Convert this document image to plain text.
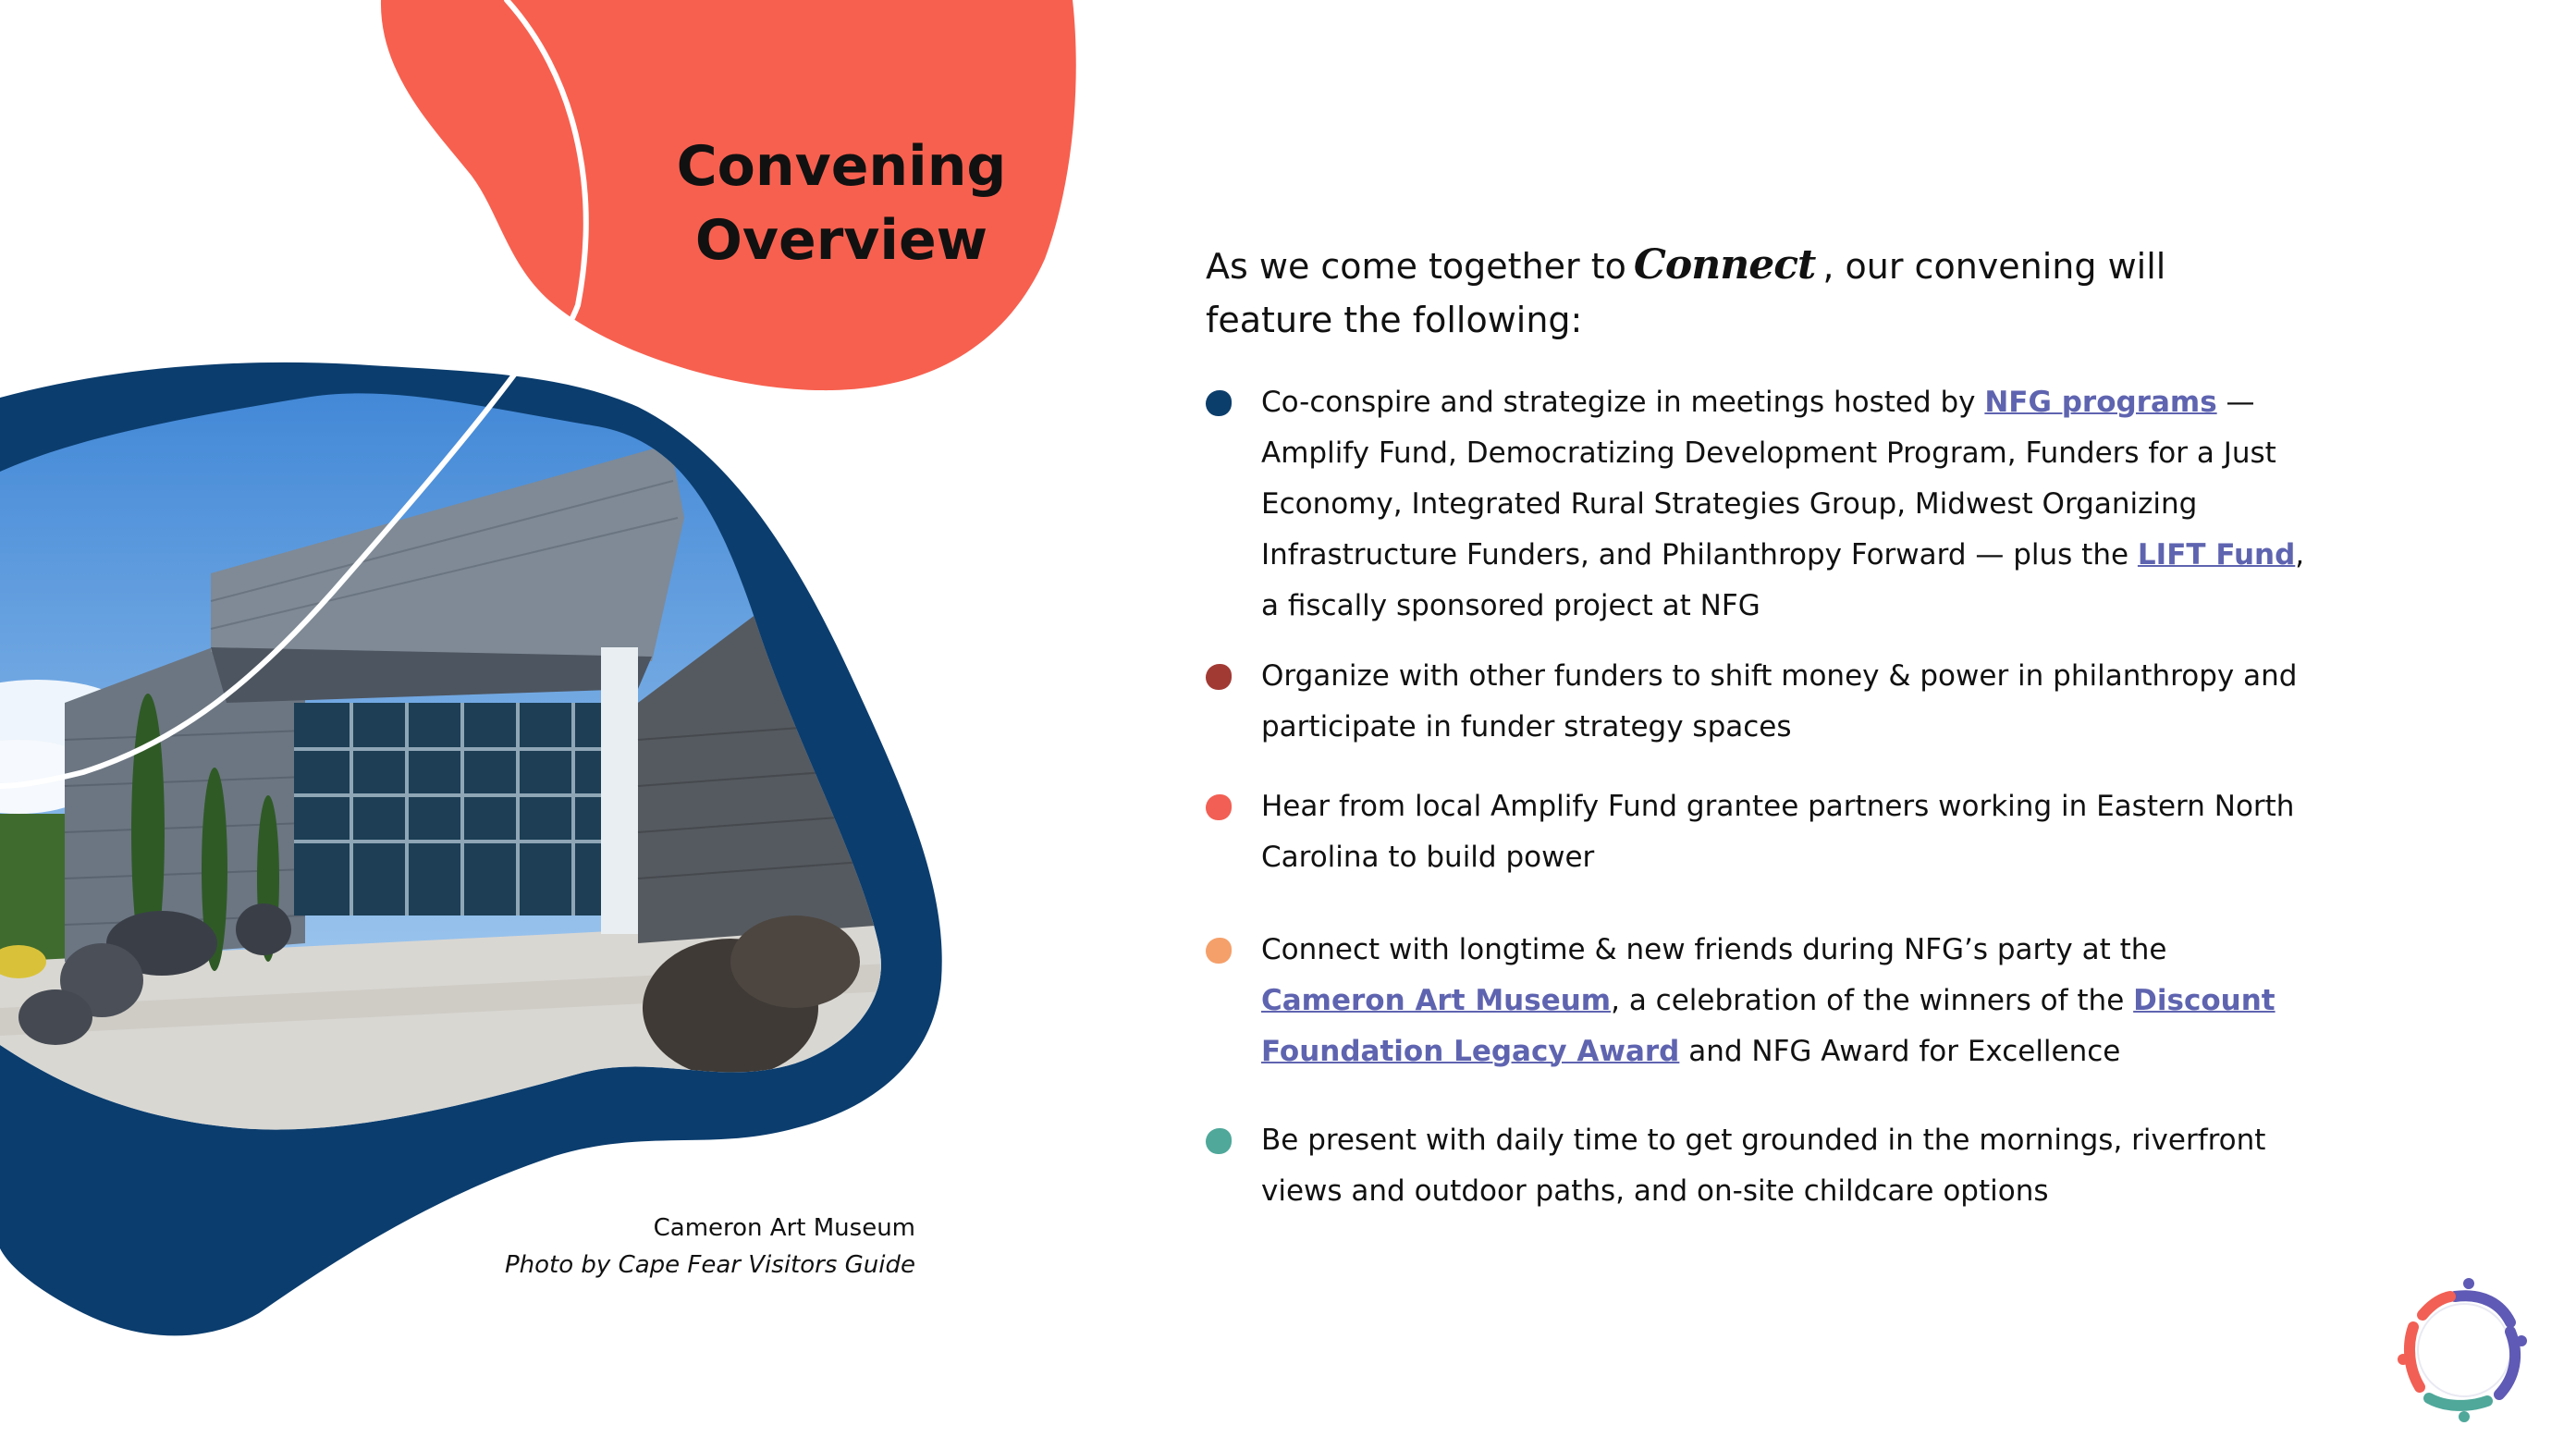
Convening
Overview	As we come together to Connect , our convening will feature the following:
Co-conspire and strategize in meetings hosted by NFG programs — Amplify Fund, Democratizing Development Program, Funders for a Just Economy, Integrated Rural Strategies Group, Midwest Organizing Infrastructure Funders, and Philanthropy Forward — plus the LIFT Fund, a fiscally sponsored project at NFG
Organize with other funders to shift money & power in philanthropy and participate in funder strategy spaces
Hear from local Amplify Fund grantee partners working in Eastern North Carolina to build power
Connect with longtime & new friends during NFG’s party at the Cameron Art Museum, a celebration of the winners of the Discount Foundation Legacy Award and NFG Award for Excellence
Be present with daily time to get grounded in the mornings, riverfront views and outdoor paths, and on-site childcare options
Cameron Art Museum
Photo by Cape Fear Visitors Guide
